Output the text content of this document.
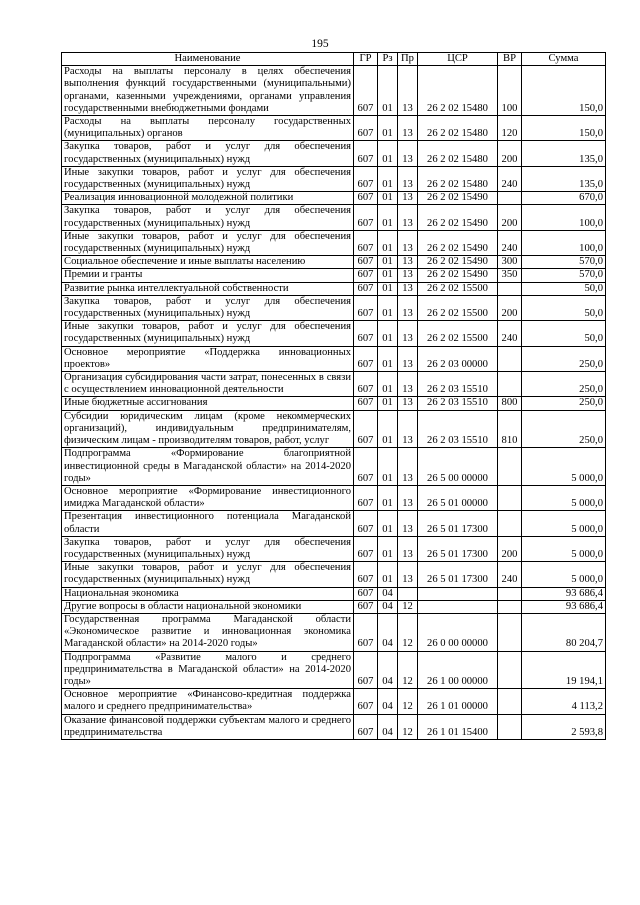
195
Наименование	ГР	Рз	Пр	ЦСР	ВР	Сумма
Расходы на выплаты персоналу в целях обеспечения выполнения функций государственными (муниципальными) органами, казенными учреждениями, органами управления государственными внебюджетными фондами	607	01	13	26 2 02 15480	100	150,0
Расходы на выплаты персоналу государственных (муниципальных) органов	607	01	13	26 2 02 15480	120	150,0
Закупка товаров, работ и услуг для обеспечения государственных (муниципальных) нужд	607	01	13	26 2 02 15480	200	135,0
Иные закупки товаров, работ и услуг для обеспечения государственных (муниципальных) нужд	607	01	13	26 2 02 15480	240	135,0
Реализация инновационной молодежной политики	607	01	13	26 2 02 15490		670,0
Закупка товаров, работ и услуг для обеспечения государственных (муниципальных) нужд	607	01	13	26 2 02 15490	200	100,0
Иные закупки товаров, работ и услуг для обеспечения государственных (муниципальных) нужд	607	01	13	26 2 02 15490	240	100,0
Социальное обеспечение и иные выплаты населению	607	01	13	26 2 02 15490	300	570,0
Премии и гранты	607	01	13	26 2 02 15490	350	570,0
Развитие рынка интеллектуальной собственности	607	01	13	26 2 02 15500		50,0
Закупка товаров, работ и услуг для обеспечения государственных (муниципальных) нужд	607	01	13	26 2 02 15500	200	50,0
Иные закупки товаров, работ и услуг для обеспечения государственных (муниципальных) нужд	607	01	13	26 2 02 15500	240	50,0
Основное мероприятие «Поддержка инновационных проектов»	607	01	13	26 2 03 00000		250,0
Организация субсидирования части затрат, понесенных в связи с осуществлением инновационной деятельности	607	01	13	26 2 03 15510		250,0
Иные бюджетные ассигнования	607	01	13	26 2 03 15510	800	250,0
Субсидии юридическим лицам (кроме некоммерческих организаций), индивидуальным предпринимателям, физическим лицам - производителям товаров, работ, услуг	607	01	13	26 2 03 15510	810	250,0
Подпрограмма «Формирование благоприятной инвестиционной среды в Магаданской области» на 2014-2020 годы»	607	01	13	26 5 00 00000		5 000,0
Основное мероприятие «Формирование инвестиционного имиджа Магаданской области»	607	01	13	26 5 01 00000		5 000,0
Презентация инвестиционного потенциала Магаданской области	607	01	13	26 5 01 17300		5 000,0
Закупка товаров, работ и услуг для обеспечения государственных (муниципальных) нужд	607	01	13	26 5 01 17300	200	5 000,0
Иные закупки товаров, работ и услуг для обеспечения государственных (муниципальных) нужд	607	01	13	26 5 01 17300	240	5 000,0
Национальная экономика	607	04				93 686,4
Другие вопросы в области национальной экономики	607	04	12			93 686,4
Государственная программа Магаданской области «Экономическое развитие и инновационная экономика Магаданской области» на 2014-2020 годы»	607	04	12	26 0 00 00000		80 204,7
Подпрограмма «Развитие малого и среднего предпринимательства в Магаданской области» на 2014-2020 годы»	607	04	12	26 1 00 00000		19 194,1
Основное мероприятие «Финансово-кредитная поддержка малого и среднего предпринимательства»	607	04	12	26 1 01 00000		4 113,2
Оказание финансовой поддержки субъектам малого и среднего предпринимательства	607	04	12	26 1 01 15400		2 593,8
